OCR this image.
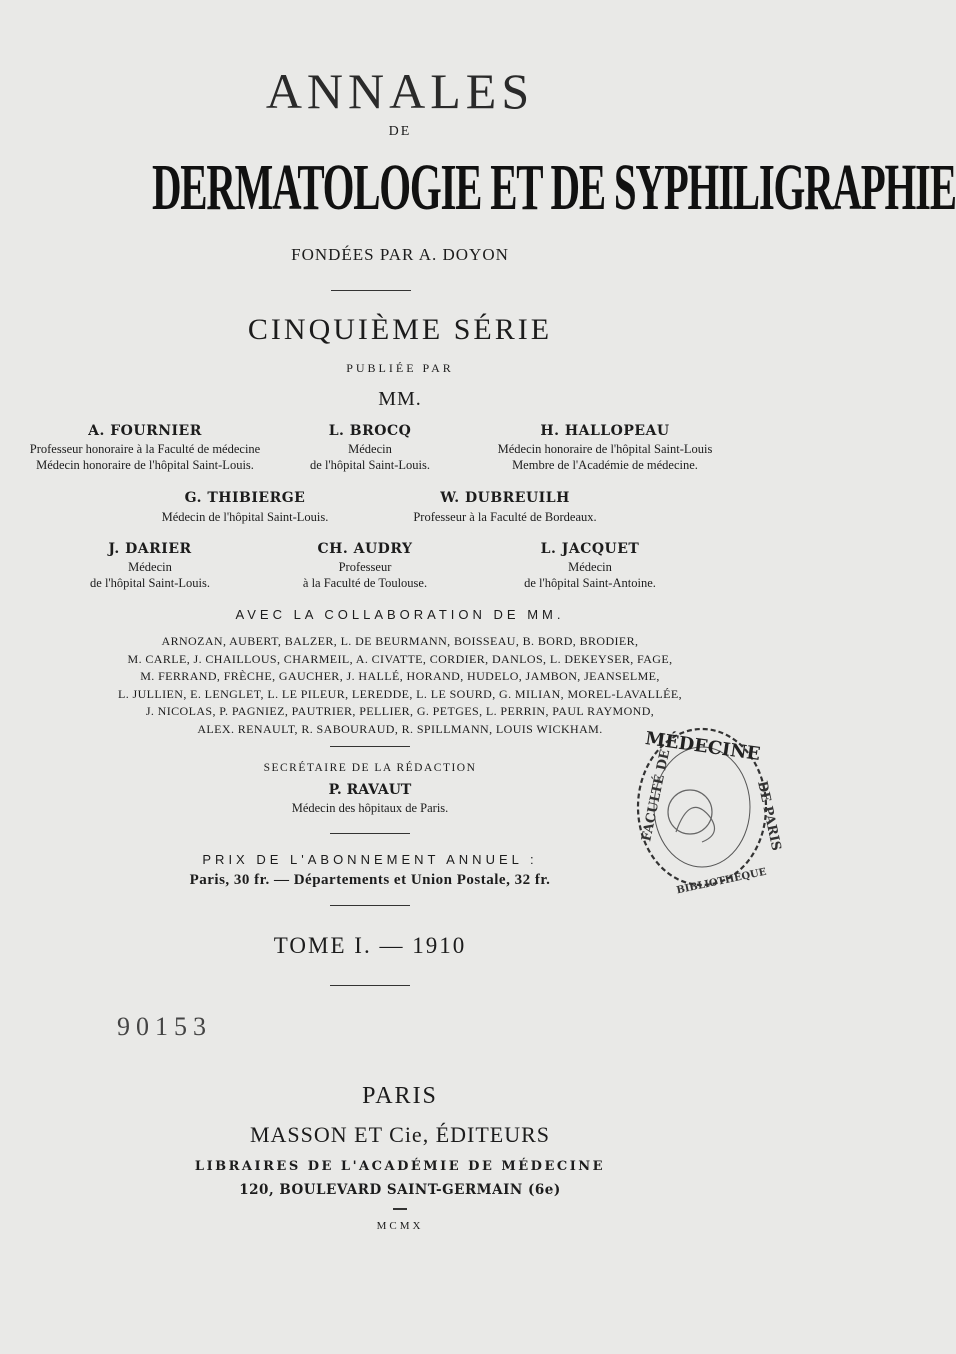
ANNALES
DE
DERMATOLOGIE ET DE SYPHILIGRAPHIE
FONDÉES PAR A. DOYON
CINQUIÈME SÉRIE
PUBLIÉE PAR
MM.
A. FOURNIER
Professeur honoraire à la Faculté de médecine
Médecin honoraire de l'hôpital Saint-Louis.
L. BROCQ
Médecin
de l'hôpital Saint-Louis.
H. HALLOPEAU
Médecin honoraire de l'hôpital Saint-Louis
Membre de l'Académie de médecine.
G. THIBIERGE
Médecin de l'hôpital Saint-Louis.
W. DUBREUILH
Professeur à la Faculté de Bordeaux.
J. DARIER
Médecin
de l'hôpital Saint-Louis.
CH. AUDRY
Professeur
à la Faculté de Toulouse.
L. JACQUET
Médecin
de l'hôpital Saint-Antoine.
AVEC LA COLLABORATION DE MM.
ARNOZAN, AUBERT, BALZER, L. DE BEURMANN, BOISSEAU, B. BORD, BRODIER,
M. CARLE, J. CHAILLOUS, CHARMEIL, A. CIVATTE, CORDIER, DANLOS, L. DEKEYSER, FAGE,
M. FERRAND, FRÈCHE, GAUCHER, J. HALLÉ, HORAND, HUDELO, JAMBON, JEANSELME,
L. JULLIEN, E. LENGLET, L. LE PILEUR, LEREDDE, L. LE SOURD, G. MILIAN, MOREL-LAVALLÉE,
J. NICOLAS, P. PAGNIEZ, PAUTRIER, PELLIER, G. PETGES, L. PERRIN, PAUL RAYMOND,
ALEX. RENAULT, R. SABOURAUD, R. SPILLMANN, LOUIS WICKHAM.
SECRÉTAIRE DE LA RÉDACTION
P. RAVAUT
Médecin des hôpitaux de Paris.
PRIX DE L'ABONNEMENT ANNUEL :
Paris, 30 fr. — Départements et Union Postale, 32 fr.
TOME I. — 1910
90153
PARIS
MASSON ET Cie, ÉDITEURS
LIBRAIRES DE L'ACADÉMIE DE MÉDECINE
120, BOULEVARD SAINT-GERMAIN (6e)
MCMX
MÉDECINE
FACULTÉ DE	DE PARIS
BIBLIOTHÈQUE
